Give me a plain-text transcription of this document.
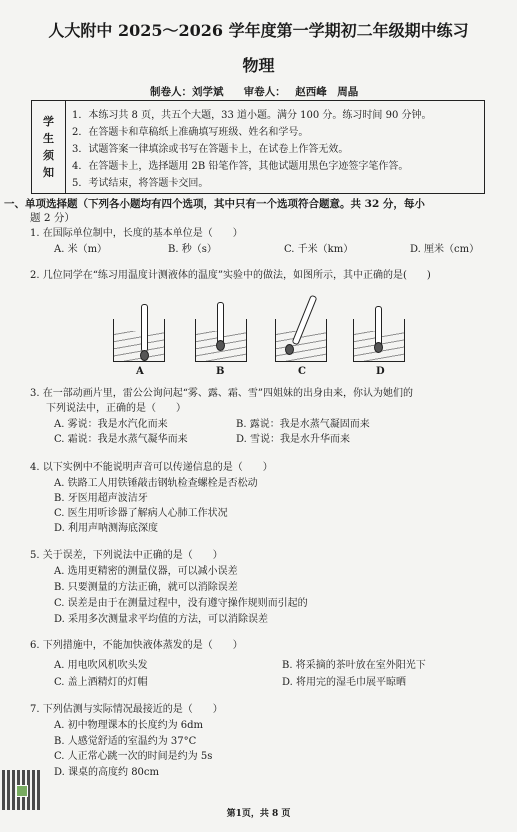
人大附中 2025～2026 学年度第一学期初二年级期中练习
物理
制卷人：刘学斌　 审卷人： 赵西峰　周晶
学
生
须
知
1．本练习共 8 页，共五个大题，33 道小题。满分 100 分。练习时间 90 分钟。
2．在答题卡和草稿纸上准确填写班级、姓名和学号。
3．试题答案一律填涂或书写在答题卡上，在试卷上作答无效。
4．在答题卡上，选择题用 2B 铅笔作答，其他试题用黑色字迹签字笔作答。
5．考试结束，将答题卡交回。
一、单项选择题（下列各小题均有四个选项，其中只有一个选项符合题意。共 32 分，每小
题 2 分）
1. 在国际单位制中，长度的基本单位是（　　）
A. 米（m）	B. 秒（s）	C. 千米（km）	D. 厘米（cm）
2. 几位同学在“练习用温度计测液体的温度”实验中的做法，如图所示，其中正确的是(　　)
A	B	C	D
3. 在一部动画片里，雷公公询问起“雾、露、霜、雪”四姐妹的出身由来，你认为她们的
下列说法中，正确的是（　　）
A. 雾说：我是水汽化而来	B. 露说：我是水蒸气凝固而来
C. 霜说：我是水蒸气凝华而来	D. 雪说：我是水升华而来
4. 以下实例中不能说明声音可以传递信息的是（　　）
A. 铁路工人用铁锤敲击钢轨检查螺栓是否松动
B. 牙医用超声波洁牙
C. 医生用听诊器了解病人心肺工作状况
D. 利用声呐测海底深度
5. 关于误差，下列说法中正确的是（　　）
A. 选用更精密的测量仪器，可以减小误差
B. 只要测量的方法正确，就可以消除误差
C. 误差是由于在测量过程中，没有遵守操作规则而引起的
D. 采用多次测量求平均值的方法，可以消除误差
6. 下列措施中，不能加快液体蒸发的是（　　）
A. 用电吹风机吹头发	B. 将采摘的茶叶放在室外阳光下
C. 盖上酒精灯的灯帽	D. 将用完的湿毛巾展平晾晒
7. 下列估测与实际情况最接近的是（　　）
A. 初中物理课本的长度约为 6dm
B. 人感觉舒适的室温约为 37°C
C. 人正常心跳一次的时间是约为 5s
D. 课桌的高度约 80cm
第1页，共 8 页
